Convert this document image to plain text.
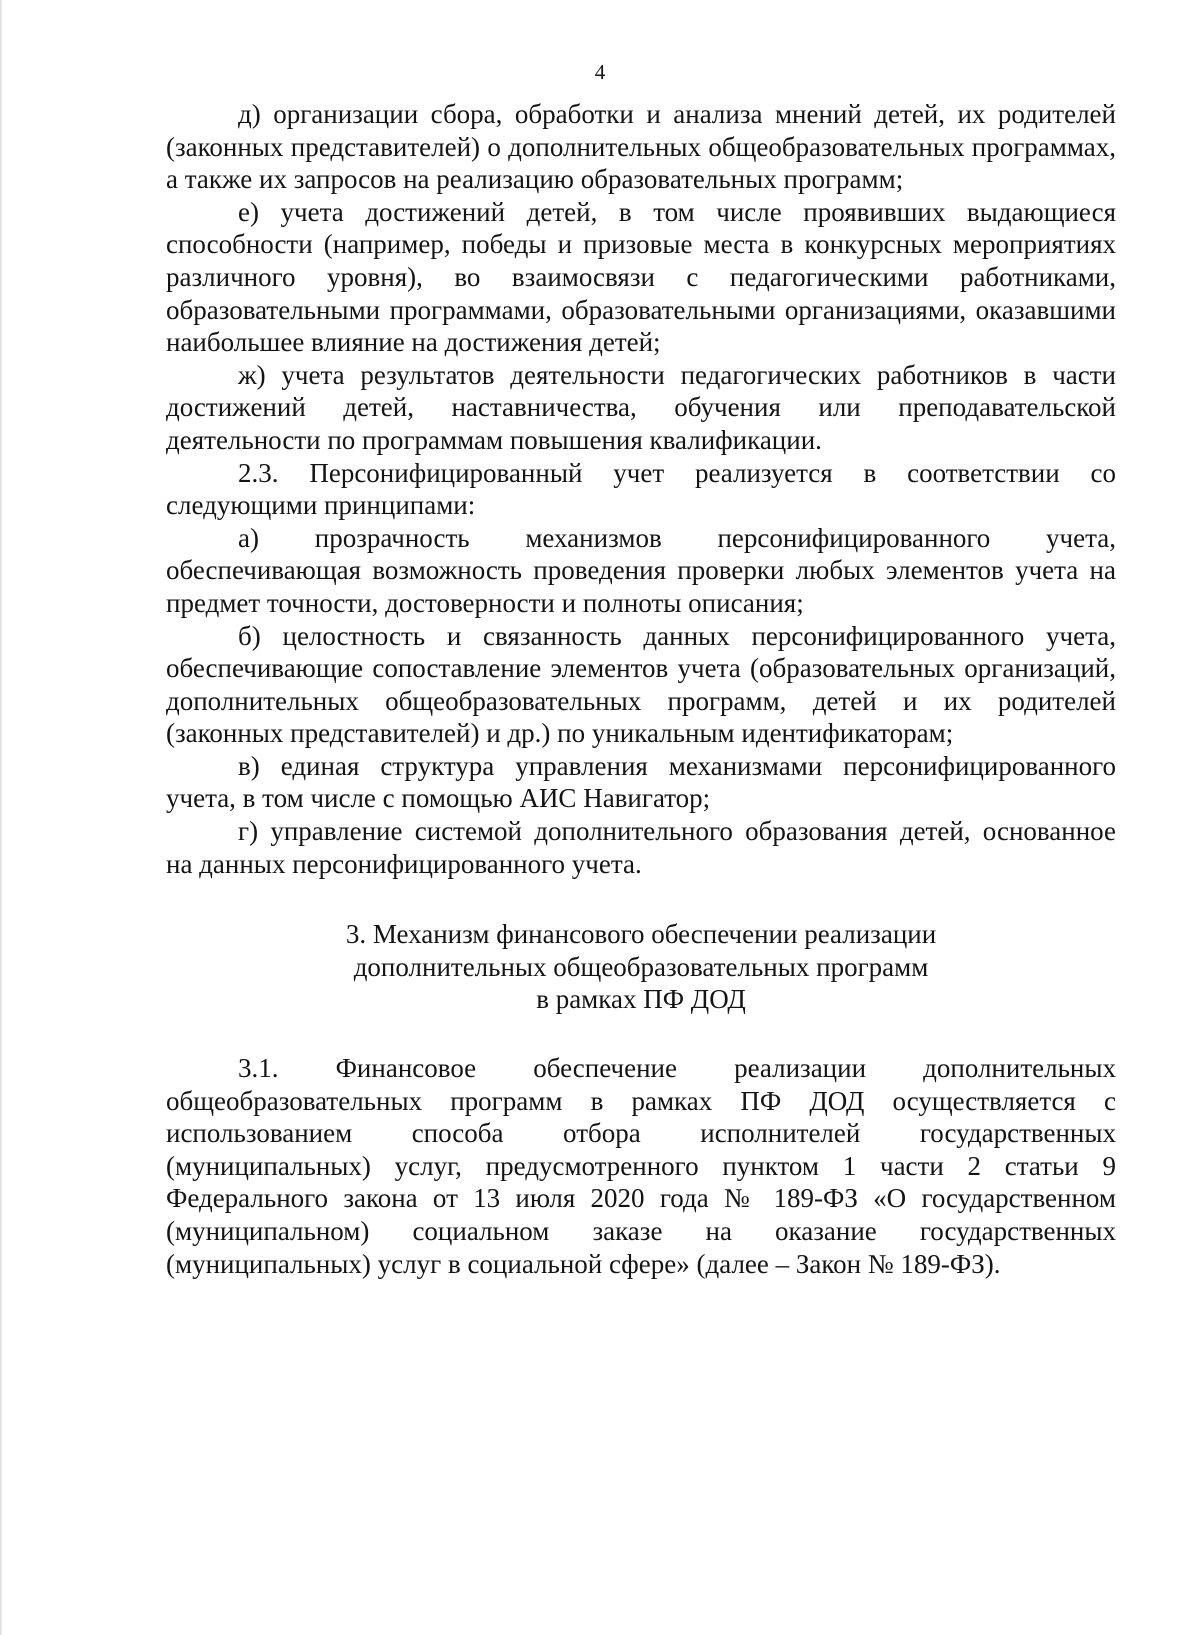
4

д) организации сбора, обработки и анализа мнений детей, их родителей (законных представителей) о дополнительных общеобразовательных программах, а также их запросов на реализацию образовательных программ;

е) учета достижений детей, в том числе проявивших выдающиеся способности (например, победы и призовые места в конкурсных мероприятиях различного уровня), во взаимосвязи с педагогическими работниками, образовательными программами, образовательными организациями, оказавшими наибольшее влияние на достижения детей;

ж) учета результатов деятельности педагогических работников в части достижений детей, наставничества, обучения или преподавательской деятельности по программам повышения квалификации.

2.3. Персонифицированный учет реализуется в соответствии со следующими принципами:

а) прозрачность механизмов персонифицированного учета, обеспечивающая возможность проведения проверки любых элементов учета на предмет точности, достоверности и полноты описания;

б) целостность и связанность данных персонифицированного учета, обеспечивающие сопоставление элементов учета (образовательных организаций, дополнительных общеобразовательных программ, детей и их родителей (законных представителей) и др.) по уникальным идентификаторам;

в) единая структура управления механизмами персонифицированного учета, в том числе с помощью АИС Навигатор;

г) управление системой дополнительного образования детей, основанное на данных персонифицированного учета.

3. Механизм финансового обеспечении реализации
дополнительных общеобразовательных программ
в рамках ПФ ДОД

3.1. Финансовое обеспечение реализации дополнительных общеобразовательных программ в рамках ПФ ДОД осуществляется с использованием способа отбора исполнителей государственных (муниципальных) услуг, предусмотренного пунктом 1 части 2 статьи 9 Федерального закона от 13 июля 2020 года № 189-ФЗ «О государственном (муниципальном) социальном заказе на оказание государственных (муниципальных) услуг в социальной сфере» (далее – Закон № 189-ФЗ).
